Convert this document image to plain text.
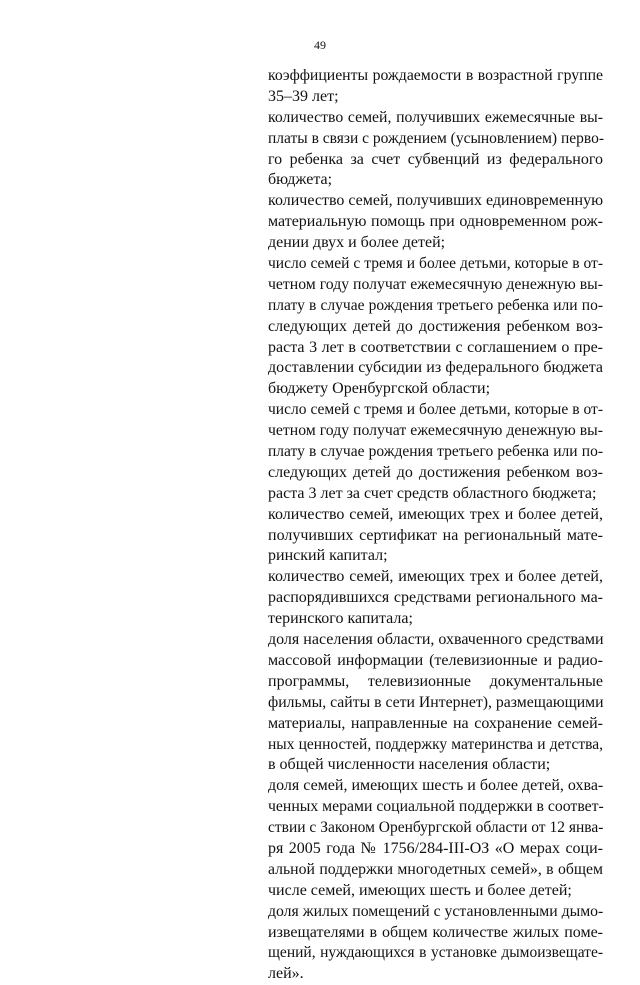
49
коэффициенты рождаемости в возрастной группе
35–39 лет;
количество семей, получивших ежемесячные вы-
платы в связи с рождением (усыновлением) перво-
го ребенка за счет субвенций из федерального
бюджета;
количество семей, получивших единовременную
материальную помощь при одновременном рож-
дении двух и более детей;
число семей с тремя и более детьми, которые в от-
четном году получат ежемесячную денежную вы-
плату в случае рождения третьего ребенка или по-
следующих детей до достижения ребенком воз-
раста 3 лет в соответствии с соглашением о пре-
доставлении субсидии из федерального бюджета
бюджету Оренбургской области;
число семей с тремя и более детьми, которые в от-
четном году получат ежемесячную денежную вы-
плату в случае рождения третьего ребенка или по-
следующих детей до достижения ребенком воз-
раста 3 лет за счет средств областного бюджета;
количество семей, имеющих трех и более детей,
получивших сертификат на региональный мате-
ринский капитал;
количество семей, имеющих трех и более детей,
распорядившихся средствами регионального ма-
теринского капитала;
доля населения области, охваченного средствами
массовой информации (телевизионные и радио-
программы, телевизионные документальные
фильмы, сайты в сети Интернет), размещающими
материалы, направленные на сохранение семей-
ных ценностей, поддержку материнства и детства,
в общей численности населения области;
доля семей, имеющих шесть и более детей, охва-
ченных мерами социальной поддержки в соответ-
ствии с Законом Оренбургской области от 12 янва-
ря 2005 года № 1756/284-III-ОЗ «О мерах соци-
альной поддержки многодетных семей», в общем
числе семей, имеющих шесть и более детей;
доля жилых помещений с установленными дымо-
извещателями в общем количестве жилых поме-
щений, нуждающихся в установке дымоизвещате-
лей».
